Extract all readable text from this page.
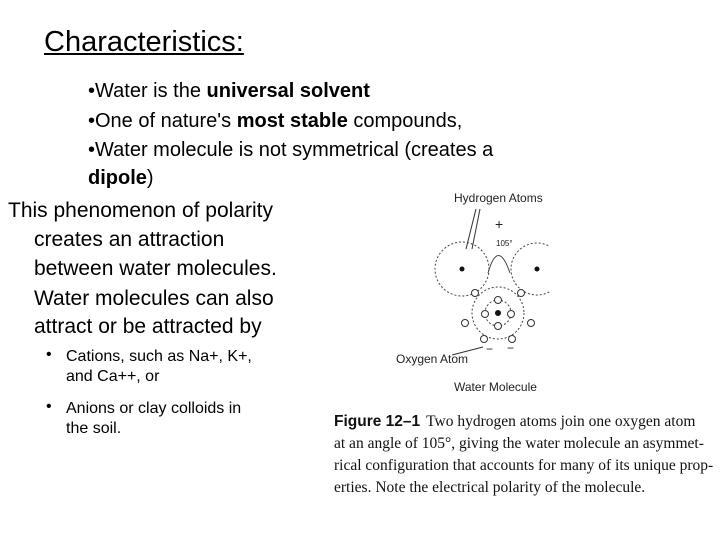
Characteristics:
•Water is the universal solvent
•One of nature's most stable compounds,
•Water molecule is not symmetrical (creates a
dipole)
This phenomenon of polarity
creates an attraction
between water molecules.
Water molecules can also
attract or be attracted by
• Cations, such as Na+, K+,
and Ca++, or
• Anions or clay colloids in
the soil.
Hydrogen Atoms
+
105°
− −
Oxygen Atom
Water Molecule
Figure 12–1 Two hydrogen atoms join one oxygen atom
at an angle of 105°, giving the water molecule an asymmet-
rical configuration that accounts for many of its unique prop-
erties. Note the electrical polarity of the molecule.
